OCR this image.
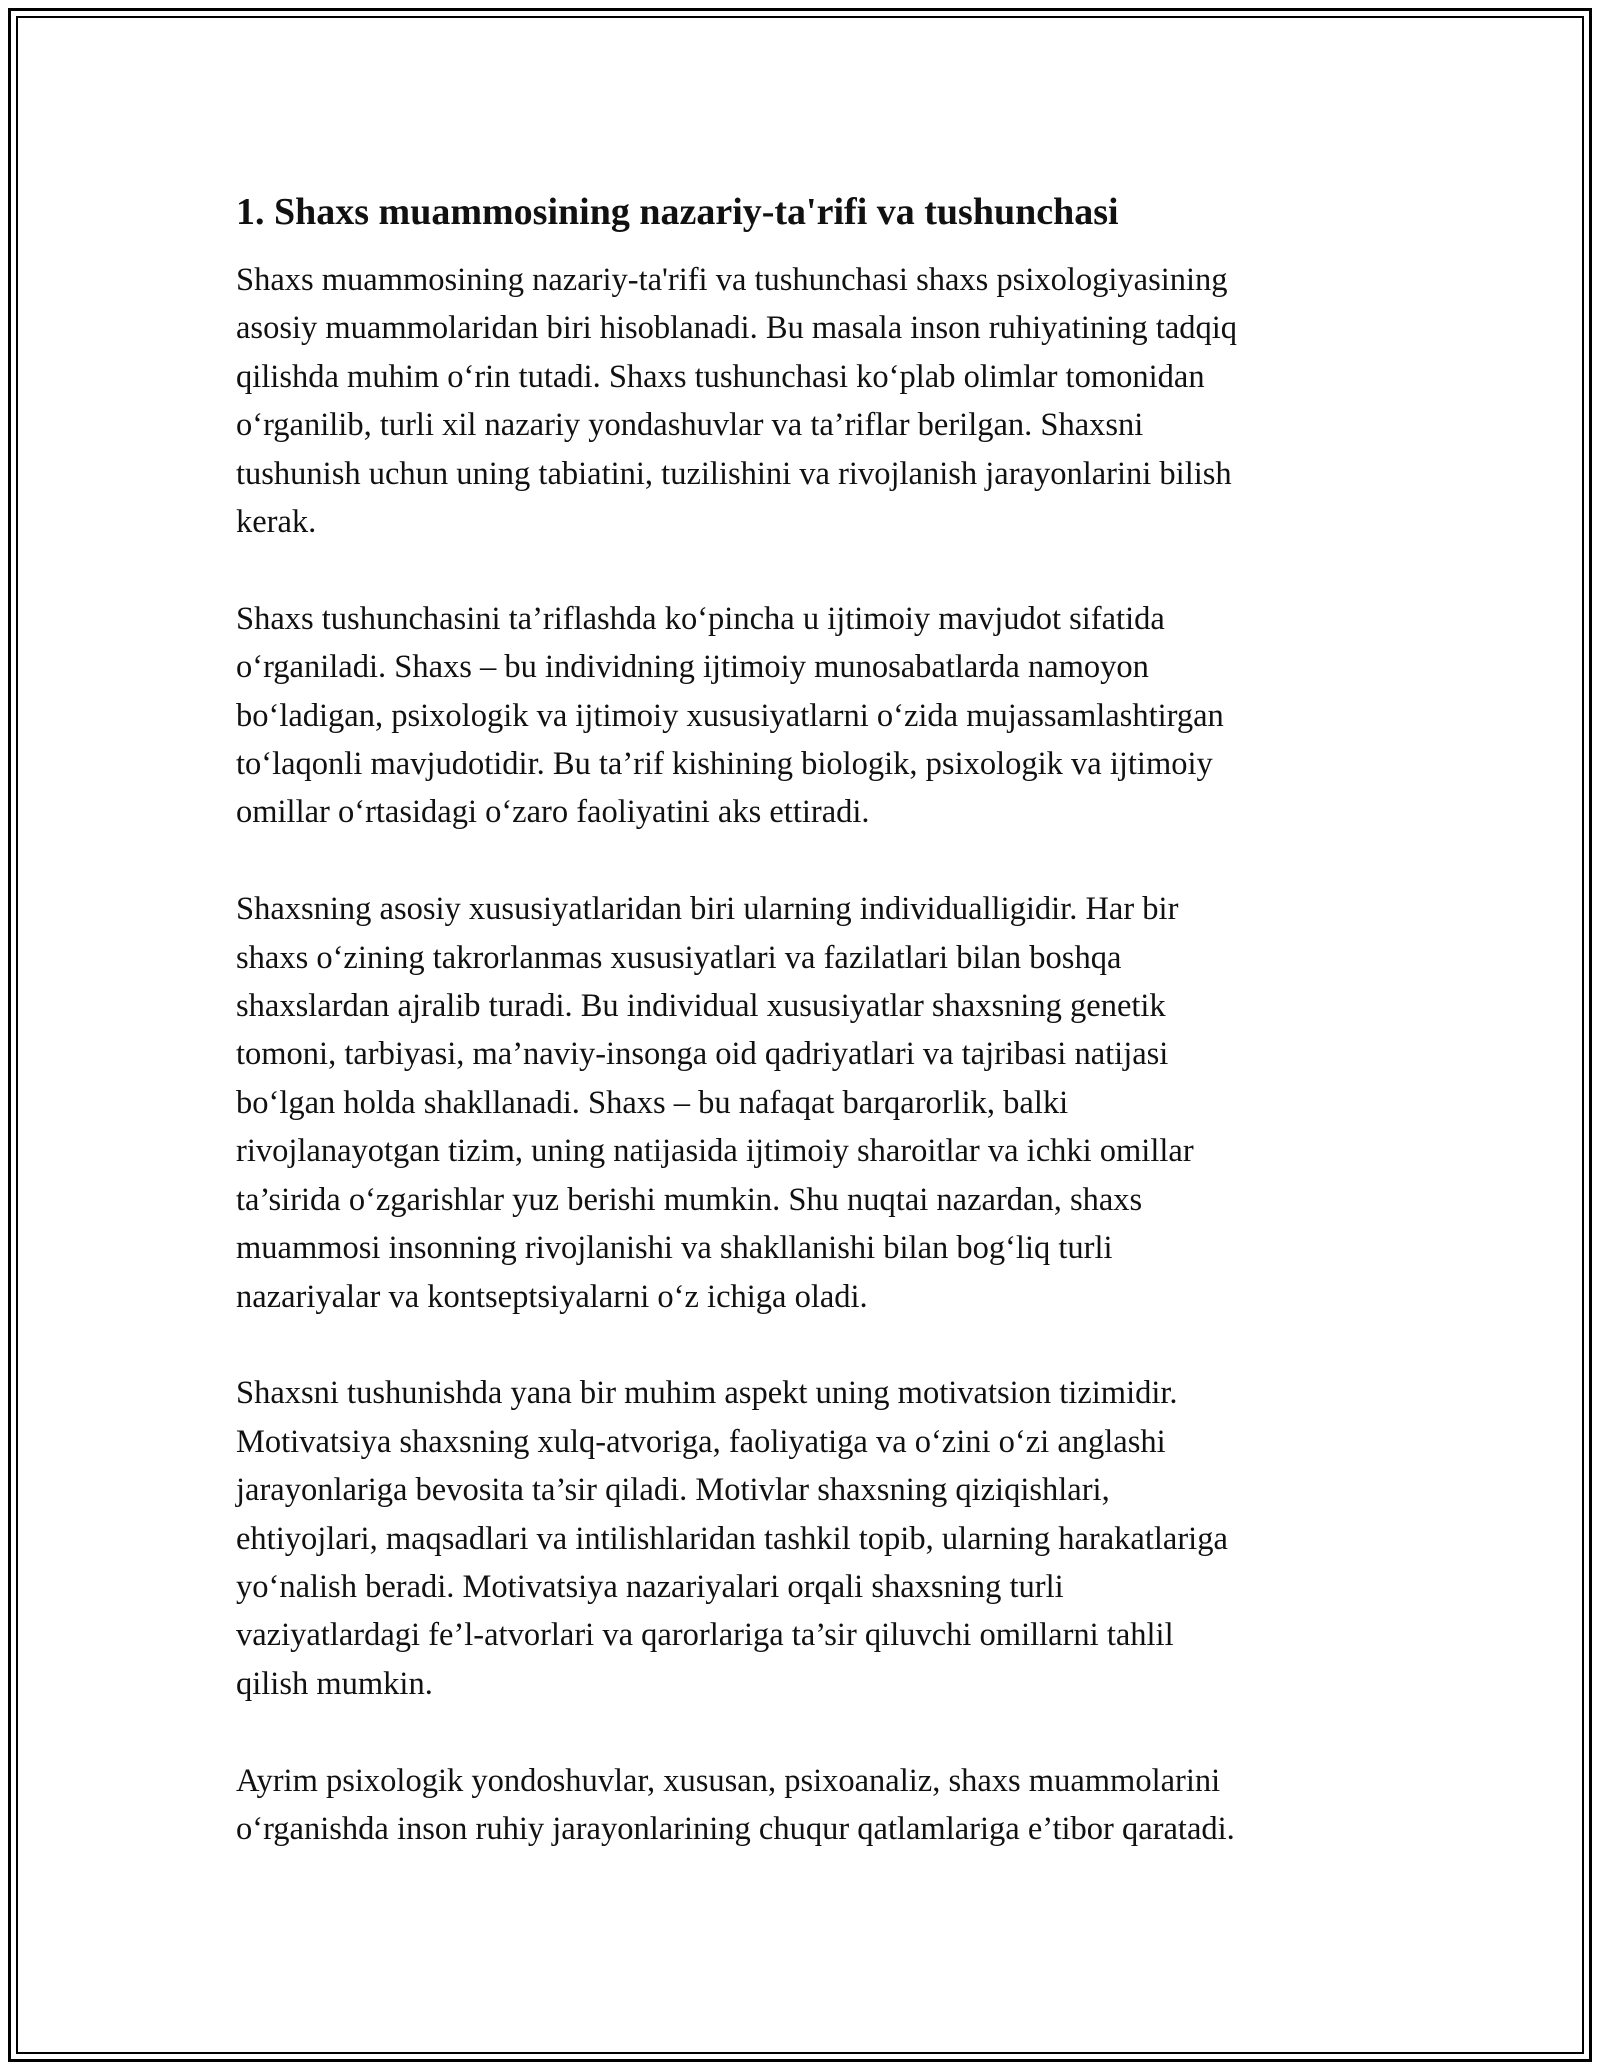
1. Shaxs muammosining nazariy-ta'rifi va tushunchasi

Shaxs muammosining nazariy-ta'rifi va tushunchasi shaxs psixologiyasining
asosiy muammolaridan biri hisoblanadi. Bu masala inson ruhiyatining tadqiq
qilishda muhim o‘rin tutadi. Shaxs tushunchasi ko‘plab olimlar tomonidan
o‘rganilib, turli xil nazariy yondashuvlar va ta’riflar berilgan. Shaxsni
tushunish uchun uning tabiatini, tuzilishini va rivojlanish jarayonlarini bilish
kerak.

Shaxs tushunchasini ta’riflashda ko‘pincha u ijtimoiy mavjudot sifatida
o‘rganiladi. Shaxs – bu individning ijtimoiy munosabatlarda namoyon
bo‘ladigan, psixologik va ijtimoiy xususiyatlarni o‘zida mujassamlashtirgan
to‘laqonli mavjudotidir. Bu ta’rif kishining biologik, psixologik va ijtimoiy
omillar o‘rtasidagi o‘zaro faoliyatini aks ettiradi.

Shaxsning asosiy xususiyatlaridan biri ularning individualligidir. Har bir
shaxs o‘zining takrorlanmas xususiyatlari va fazilatlari bilan boshqa
shaxslardan ajralib turadi. Bu individual xususiyatlar shaxsning genetik
tomoni, tarbiyasi, ma’naviy-insonga oid qadriyatlari va tajribasi natijasi
bo‘lgan holda shakllanadi. Shaxs – bu nafaqat barqarorlik, balki
rivojlanayotgan tizim, uning natijasida ijtimoiy sharoitlar va ichki omillar
ta’sirida o‘zgarishlar yuz berishi mumkin. Shu nuqtai nazardan, shaxs
muammosi insonning rivojlanishi va shakllanishi bilan bog‘liq turli
nazariyalar va kontseptsiyalarni o‘z ichiga oladi.

Shaxsni tushunishda yana bir muhim aspekt uning motivatsion tizimidir.
Motivatsiya shaxsning xulq-atvoriga, faoliyatiga va o‘zini o‘zi anglashi
jarayonlariga bevosita ta’sir qiladi. Motivlar shaxsning qiziqishlari,
ehtiyojlari, maqsadlari va intilishlaridan tashkil topib, ularning harakatlariga
yo‘nalish beradi. Motivatsiya nazariyalari orqali shaxsning turli
vaziyatlardagi fe’l-atvorlari va qarorlariga ta’sir qiluvchi omillarni tahlil
qilish mumkin.

Ayrim psixologik yondoshuvlar, xususan, psixoanaliz, shaxs muammolarini
o‘rganishda inson ruhiy jarayonlarining chuqur qatlamlariga e’tibor qaratadi.
